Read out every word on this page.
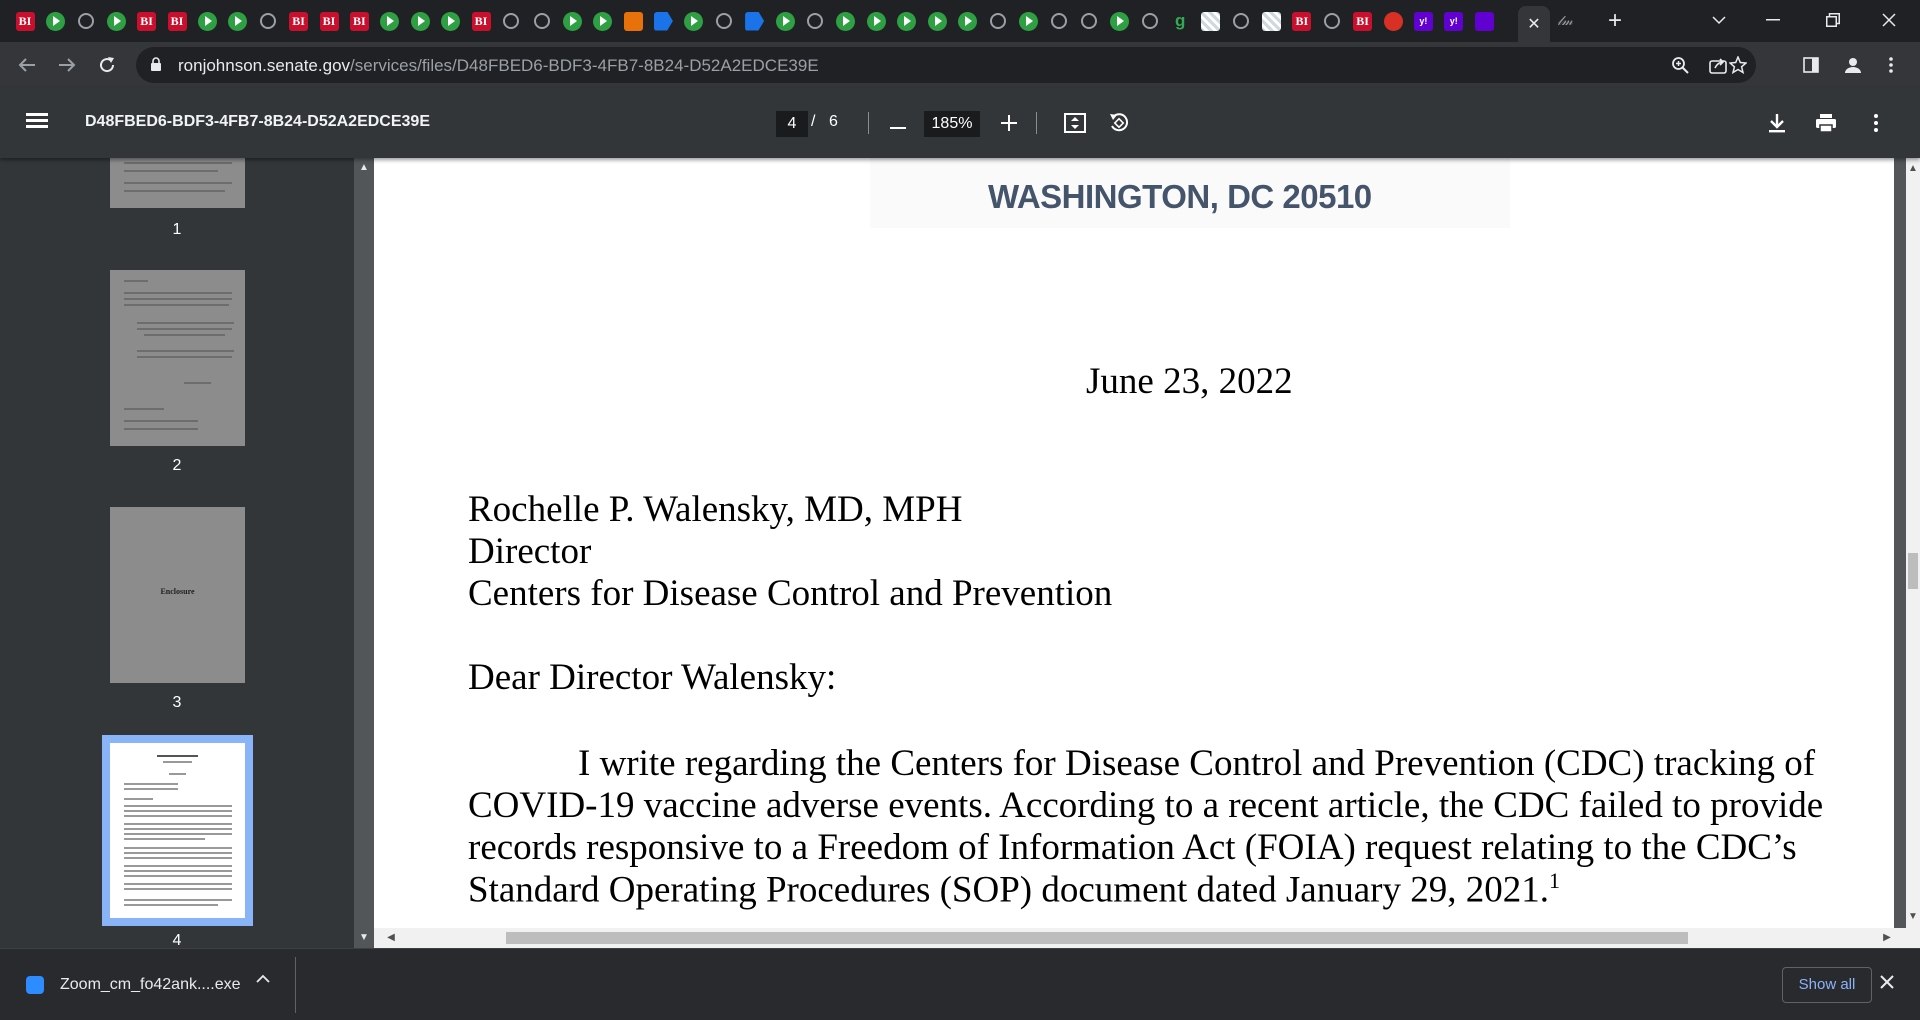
BI	BI BI	BI BI BI	BI	g	BI	BI	y!	y!	✕ 𝓁𝓂	+
ronjohnson.senate.gov/services/files/D48FBED6-BDF3-4FB7-8B24-D52A2EDCE39E
D48FBED6-BDF3-4FB7-8B24-D52A2EDCE39E	4 / 6	185%
1
2
Enclosure
3
4
WASHINGTON, DC 20510
June 23, 2022
Rochelle P. Walensky, MD, MPH
Director
Centers for Disease Control and Prevention
Dear Director Walensky:
I write regarding the Centers for Disease Control and Prevention (CDC) tracking of
COVID-19 vaccine adverse events. According to a recent article, the CDC failed to provide
records responsive to a Freedom of Information Act (FOIA) request relating to the CDC’s
Standard Operating Procedures (SOP) document dated January 29, 2021.$^1$
▲
▼
▲
▼	◀	▶
Zoom_cm_fo42ank....exe	Show all
